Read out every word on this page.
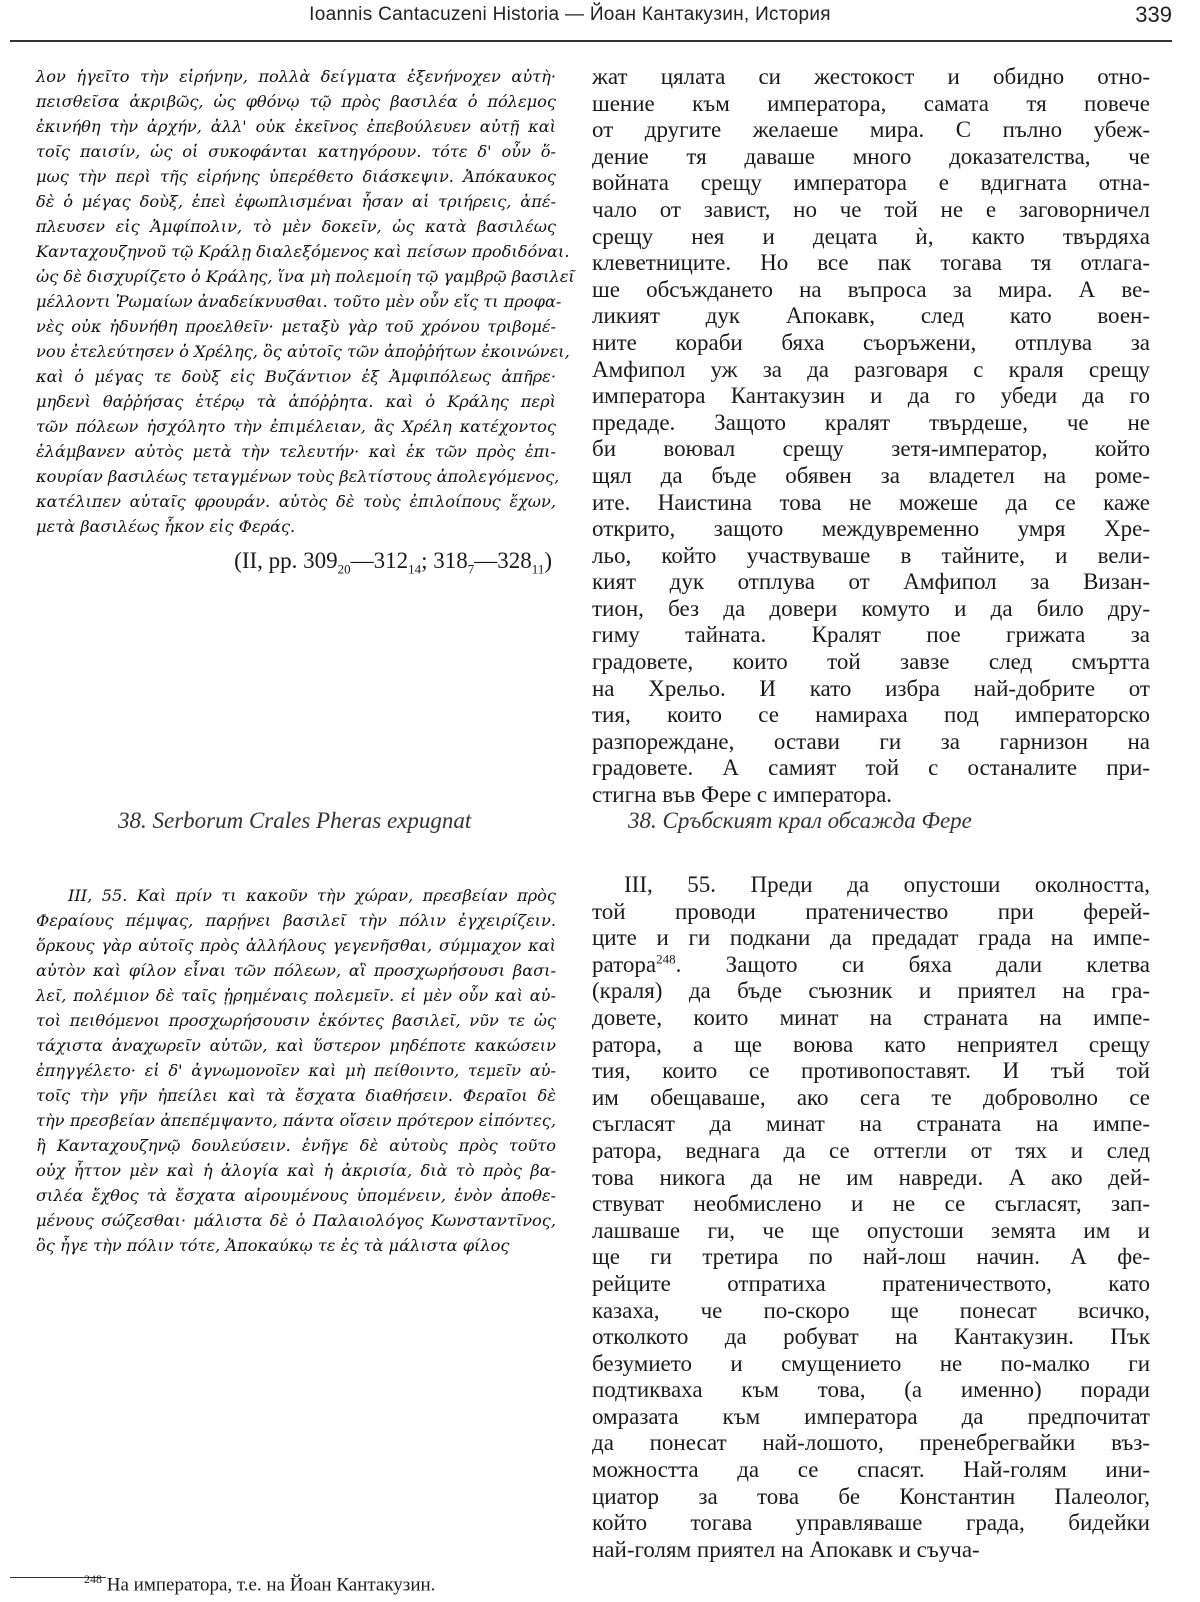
Ioannis Cantacuzeni Historia — Йоан Кантакузин, История	339
λον ἡγεῖτο τὴν εἰρήνην, πολλὰ δείγματα ἐξενήνοχεν αὐτὴ·
πεισθεῖσα ἀκριβῶς, ὡς φθόνῳ τῷ πρὸς βασιλέα ὁ πόλεμος
ἐκινήθη τὴν ἀρχήν, ἀλλ' οὐκ ἐκεῖνος ἐπεβούλευεν αὐτῇ καὶ
τοῖς παισίν, ὡς οἱ συκοφάνται κατηγόρουν. τότε δ' οὖν ὅ-
μως τὴν περὶ τῆς εἰρήνης ὑπερέθετο διάσκεψιν. Ἀπόκαυκος
δὲ ὁ μέγας δοὺξ, ἐπεὶ ἐφωπλισμέναι ἦσαν αἱ τριήρεις, ἀπέ-
πλευσεν εἰς Ἀμφίπολιν, τὸ μὲν δοκεῖν, ὡς κατὰ βασιλέως
Κανταχουζηνοῦ τῷ Κράλῃ διαλεξόμενος καὶ πείσων προδιδόναι.
ὡς δὲ δισχυρίζετο ὁ Κράλης, ἵνα μὴ πολεμοίη τῷ γαμβρῷ βασιλεῖ
μέλλοντι Ῥωμαίων ἀναδείκνυσθαι. τοῦτο μὲν οὖν εἴς τι προφα-
νὲς οὐκ ἠδυνήθη προελθεῖν· μεταξὺ γὰρ τοῦ χρόνου τριβομέ-
νου ἐτελεύτησεν ὁ Χρέλης, ὃς αὐτοῖς τῶν ἀποῤῥήτων ἐκοινώνει,
καὶ ὁ μέγας τε δοὺξ εἰς Βυζάντιον ἐξ Ἀμφιπόλεως ἀπῆρε·
μηδενὶ θαῤῥήσας ἑτέρῳ τὰ ἀπόῤῥητα. καὶ ὁ Κράλης περὶ
τῶν πόλεων ἠσχόλητο τὴν ἐπιμέλειαν, ἃς Χρέλη κατέχοντος
ἐλάμβανεν αὐτὸς μετὰ τὴν τελευτήν· καὶ ἐκ τῶν πρὸς ἐπι-
κουρίαν βασιλέως τεταγμένων τοὺς βελτίστους ἀπολεγόμενος,
κατέλιπεν αὐταῖς φρουράν. αὐτὸς δὲ τοὺς ἐπιλοίπους ἔχων,
μετὰ βασιλέως ἧκον εἰς Φεράς.
(II, pp. $309_{20}—312_{14}$; $318_7—328_{11}$)
жат цялата си жестокост и обидно отно-
шение към императора, самата тя повече
от другите желаеше мира. С пълно убеж-
дение тя даваше много доказателства, че
войната срещу императора е вдигната отна-
чало от завист, но че той не е заговорничел
срещу нея и децата ѝ, както твърдяха
клеветниците. Но все пак тогава тя отлага-
ше обсъждането на въпроса за мира. А ве-
ликият дук Апокавк, след като воен-
ните кораби бяха съоръжени, отплува за
Амфипол уж за да разговаря с краля срещу
императора Кантакузин и да го убеди да го
предаде. Защото кралят твърдеше, че не
би воювал срещу зетя-император, който
щял да бъде обявен за владетел на роме-
ите. Наистина това не можеше да се каже
открито, защото междувременно умря Хре-
льо, който участвуваше в тайните, и вели-
кият дук отплува от Амфипол за Визан-
тион, без да довери комуто и да било дру-
гиму тайната. Кралят пое грижата за
градовете, които той завзе след смъртта
на Хрельо. И като избра най-добрите от
тия, които се намираха под императорско
разпореждане, остави ги за гарнизон на
градовете. А самият той с останалите при-
стигна във Фере с императора.
38. Serborum Crales Pheras expugnat	38. Сръбският крал обсажда Фере
III, 55. Καὶ πρίν τι κακοῦν τὴν χώραν, πρεσβείαν πρὸς
Φεραίους πέμψας, παρῄνει βασιλεῖ τὴν πόλιν ἐγχειρίζειν.
ὅρκους γὰρ αὐτοῖς πρὸς ἀλλήλους γεγενῆσθαι, σύμμαχον καὶ
αὐτὸν καὶ φίλον εἶναι τῶν πόλεων, αἳ προσχωρήσουσι βασι-
λεῖ, πολέμιον δὲ ταῖς ᾑρημέναις πολεμεῖν. εἰ μὲν οὖν καὶ αὐ-
τοὶ πειθόμενοι προσχωρήσουσιν ἑκόντες βασιλεῖ, νῦν τε ὡς
τάχιστα ἀναχωρεῖν αὐτῶν, καὶ ὕστερον μηδέποτε κακώσειν
ἐπηγγέλετο· εἰ δ' ἀγνωμονοῖεν καὶ μὴ πείθοιντο, τεμεῖν αὐ-
τοῖς τὴν γῆν ἠπείλει καὶ τὰ ἔσχατα διαθήσειν. Φεραῖοι δὲ
τὴν πρεσβείαν ἀπεπέμψαντο, πάντα οἴσειν πρότερον εἰπόντες,
ἢ Κανταχουζηνῷ δουλεύσειν. ἐνῆγε δὲ αὐτοὺς πρὸς τοῦτο
οὐχ ἧττον μὲν καὶ ἡ ἀλογία καὶ ἡ ἀκρισία, διὰ τὸ πρὸς βα-
σιλέα ἔχθος τὰ ἔσχατα αἱρουμένους ὑπομένειν, ἐνὸν ἀποθε-
μένους σώζεσθαι· μάλιστα δὲ ὁ Παλαιολόγος Κωνσταντῖνος,
ὃς ἦγε τὴν πόλιν τότε, Ἀποκαύκῳ τε ἐς τὰ μάλιστα φίλος
III, 55. Преди да опустоши околността,
той проводи пратеничество при ферей-
ците и ги подкани да предадат града на импе-
ратора$^{248}$. Защото си бяха дали клетва
(краля) да бъде съюзник и приятел на гра-
довете, които минат на страната на импе-
ратора, а ще воюва като неприятел срещу
тия, които се противопоставят. И тъй той
им обещаваше, ако сега те доброволно се
съгласят да минат на страната на импе-
ратора, веднага да се оттегли от тях и след
това никога да не им навреди. А ако дей-
ствуват необмислено и не се съгласят, зап-
лашваше ги, че ще опустоши земята им и
ще ги третира по най-лош начин. А фе-
рейците отпратиха пратеничеството, като
казаха, че по-скоро ще понесат всичко,
отколкото да робуват на Кантакузин. Пък
безумието и смущението не по-малко ги
подтикваха към това, (а именно) поради
омразата към императора да предпочитат
да понесат най-лошото, пренебрегвайки въз-
можността да се спасят. Най-голям ини-
циатор за това бе Константин Палеолог,
който тогава управляваше града, бидейки
най-голям приятел на Апокавк и съуча-
$^{248}$ На императора, т.е. на Йоан Кантакузин.
